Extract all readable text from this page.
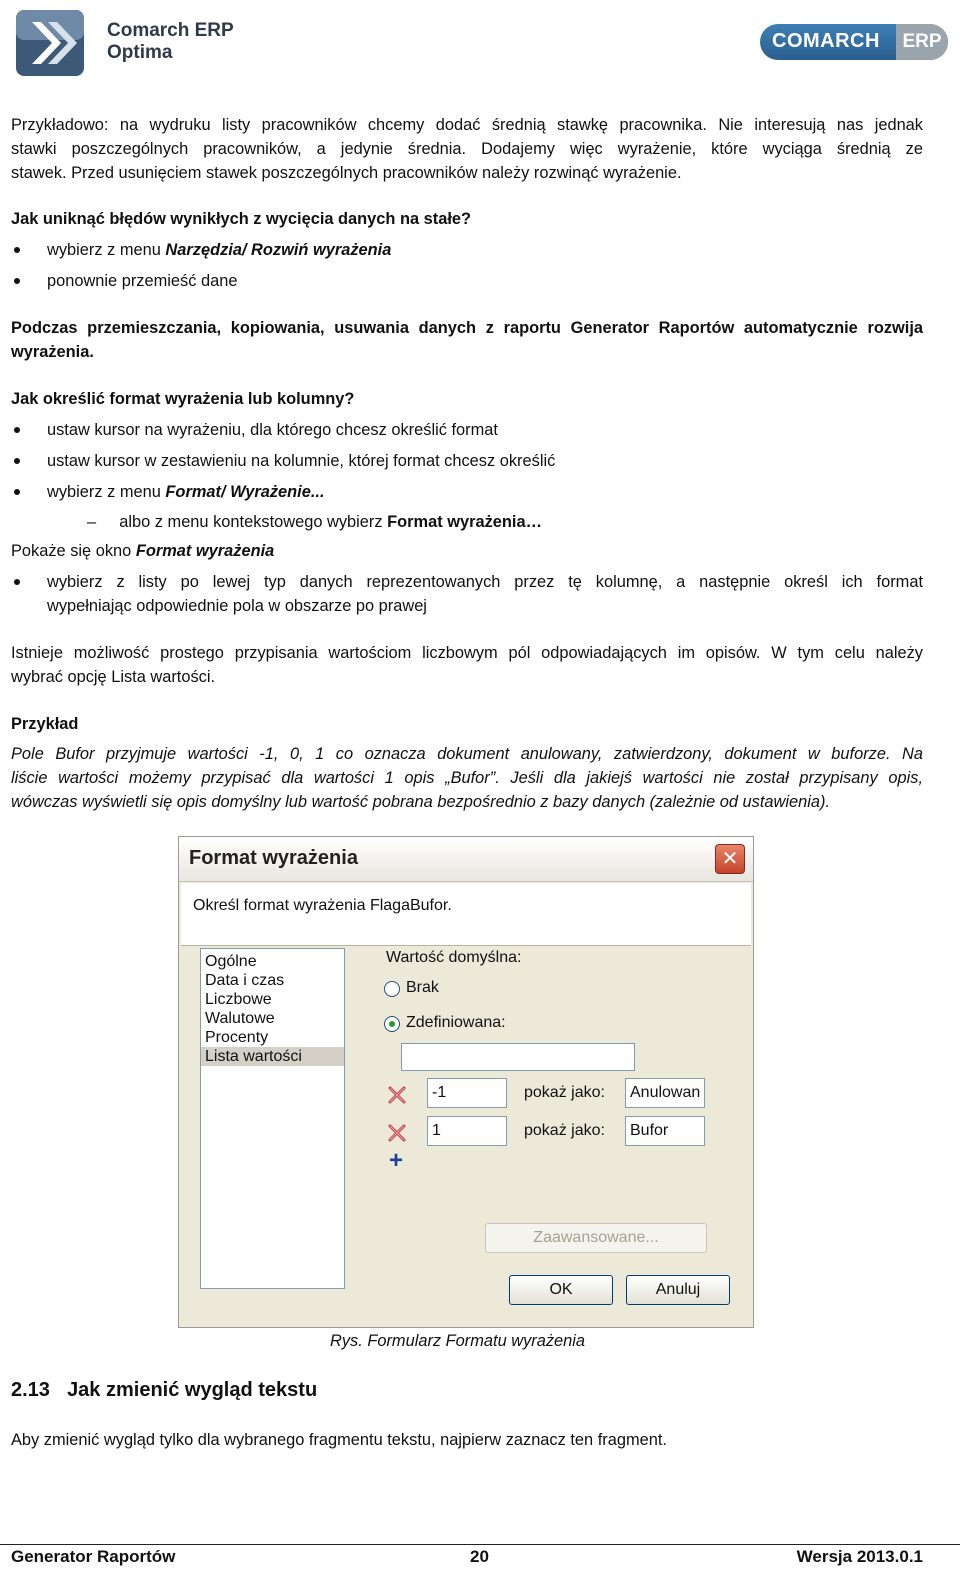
Comarch ERP
Optima
COMARCH	ERP
Przykładowo: na wydruku listy pracowników chcemy dodać średnią stawkę pracownika. Nie interesują nas jednak
stawki poszczególnych pracowników, a jedynie średnia. Dodajemy więc wyrażenie, które wyciąga średnią ze
stawek. Przed usunięciem stawek poszczególnych pracowników należy rozwinąć wyrażenie.
Jak uniknąć błędów wynikłych z wycięcia danych na stałe?
wybierz z menu Narzędzia/ Rozwiń wyrażenia
ponownie przemieść dane
Podczas przemieszczania, kopiowania, usuwania danych z raportu Generator Raportów automatycznie rozwija
wyrażenia.
Jak określić format wyrażenia lub kolumny?
ustaw kursor na wyrażeniu, dla którego chcesz określić format
ustaw kursor w zestawieniu na kolumnie, której format chcesz określić
wybierz z menu Format/ Wyrażenie...
– albo z menu kontekstowego wybierz Format wyrażenia…
Pokaże się okno Format wyrażenia
wybierz z listy po lewej typ danych reprezentowanych przez tę kolumnę, a następnie określ ich format
wypełniając odpowiednie pola w obszarze po prawej
Istnieje możliwość prostego przypisania wartościom liczbowym pól odpowiadających im opisów. W tym celu należy
wybrać opcję Lista wartości.
Przykład
Pole Bufor przyjmuje wartości -1, 0, 1 co oznacza dokument anulowany, zatwierdzony, dokument w buforze. Na
liście wartości możemy przypisać dla wartości 1 opis „Bufor”. Jeśli dla jakiejś wartości nie został przypisany opis,
wówczas wyświetli się opis domyślny lub wartość pobrana bezpośrednio z bazy danych (zależnie od ustawienia).
Format wyrażenia	✕
Określ format wyrażenia FlagaBufor.
Ogólne
Data i czas
Liczbowe
Walutowe
Procenty
Lista wartości
Wartość domyślna:
Brak
Zdefiniowana:
-1	pokaż jako:	Anulowan
1	pokaż jako:	Bufor
+
Zaawansowane...
OK	Anuluj
Rys. Formularz Formatu wyrażenia
2.13 Jak zmienić wygląd tekstu
Aby zmienić wygląd tylko dla wybranego fragmentu tekstu, najpierw zaznacz ten fragment.
Generator Raportów	20	Wersja 2013.0.1
